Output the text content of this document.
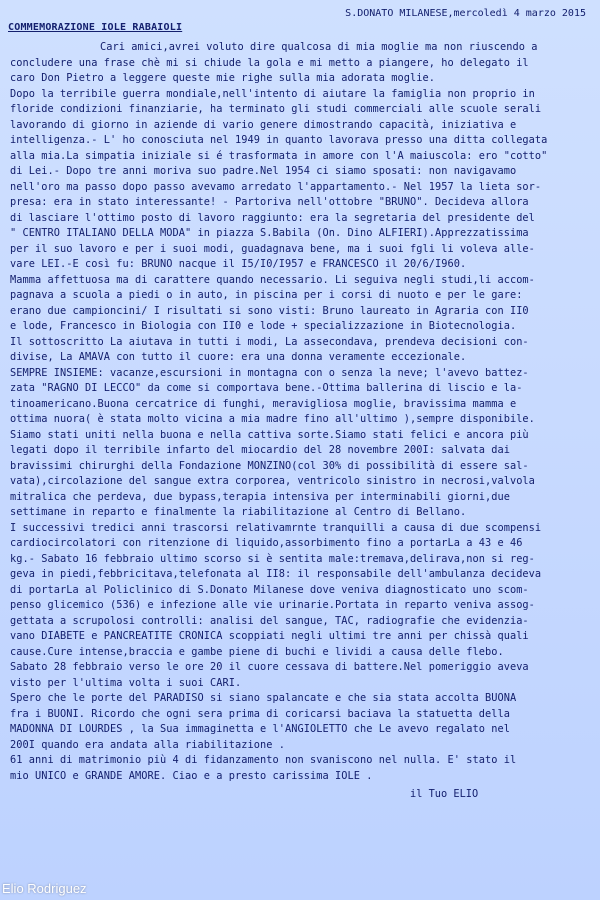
S.DONATO MILANESE,mercoledì 4 marzo 2015
COMMEMORAZIONE IOLE RABAIOLI
Cari amici,avrei voluto dire qualcosa di mia moglie ma non riuscendo a
concludere una frase chè mi si chiude la gola e mi metto a piangere, ho delegato il
caro Don Pietro a leggere queste mie righe sulla mia adorata moglie.
Dopo la terribile guerra mondiale,nell'intento di aiutare la famiglia non proprio in
floride condizioni finanziarie, ha terminato gli studi commerciali alle scuole serali
lavorando di giorno in aziende di vario genere dimostrando capacità, iniziativa e
intelligenza.- L' ho conosciuta nel 1949 in quanto lavorava presso una ditta collegata
alla mia.La simpatia iniziale si é trasformata in amore con l'A maiuscola: ero "cotto"
di Lei.- Dopo tre anni moriva suo padre.Nel 1954 ci siamo sposati: non navigavamo
nell'oro ma passo dopo passo avevamo arredato l'appartamento.- Nel 1957 la lieta sor-
presa: era in stato interessante! - Partoriva nell'ottobre "BRUNO". Decideva allora
di lasciare l'ottimo posto di lavoro raggiunto: era la segretaria del presidente del
" CENTRO ITALIANO DELLA MODA" in piazza S.Babila (On. Dino ALFIERI).Apprezzatissima
per il suo lavoro e per i suoi modi, guadagnava bene, ma i suoi fgli li voleva alle-
vare LEI.-E così fu: BRUNO nacque il I5/I0/I957 e FRANCESCO il 20/6/I960.
Mamma affettuosa ma di carattere quando necessario. Li seguiva negli studi,li accom-
pagnava a scuola a piedi o in auto, in piscina per i corsi di nuoto e per le gare:
erano due campioncini/ I risultati si sono visti: Bruno laureato in Agraria con II0
e lode, Francesco in Biologia con II0 e lode + specializzazione in Biotecnologia.
Il sottoscritto La aiutava in tutti i modi, La assecondava, prendeva decisioni con-
divise, La AMAVA con tutto il cuore: era una donna veramente eccezionale.
SEMPRE INSIEME: vacanze,escursioni in montagna con o senza la neve; l'avevo battez-
zata "RAGNO DI LECCO" da come si comportava bene.-Ottima ballerina di liscio e la-
tinoamericano.Buona cercatrice di funghi, meravigliosa moglie, bravissima mamma e
ottima nuora( è stata molto vicina a mia madre fino all'ultimo ),sempre disponibile.
Siamo stati uniti nella buona e nella cattiva sorte.Siamo stati felici e ancora più
legati dopo il terribile infarto del miocardio del 28 novembre 200I: salvata dai
bravissimi chirurghi della Fondazione MONZINO(col 30% di possibilità di essere sal-
vata),circolazione del sangue extra corporea, ventricolo sinistro in necrosi,valvola
mitralica che perdeva, due bypass,terapia intensiva per interminabili giorni,due
settimane in reparto e finalmente la riabilitazione al Centro di Bellano.
I successivi tredici anni trascorsi relativamrnte tranquilli a causa di due scompensi
cardiocircolatori con ritenzione di liquido,assorbimento fino a portarLa a 43 e 46
kg.- Sabato 16 febbraio ultimo scorso si è sentita male:tremava,delirava,non si reg-
geva in piedi,febbricitava,telefonata al II8: il responsabile dell'ambulanza decideva
di portarLa al Policlinico di S.Donato Milanese dove veniva diagnosticato uno scom-
penso glicemico (536) e infezione alle vie urinarie.Portata in reparto veniva assog-
gettata a scrupolosi controlli: analisi del sangue, TAC, radiografie che evidenzia-
vano DIABETE e PANCREATITE CRONICA scoppiati negli ultimi tre anni per chissà quali
cause.Cure intense,braccia e gambe piene di buchi e lividi a causa delle flebo.
Sabato 28 febbraio verso le ore 20 il cuore cessava di battere.Nel pomeriggio aveva
visto per l'ultima volta i suoi CARI.
Spero che le porte del PARADISO si siano spalancate e che sia stata accolta BUONA
fra i BUONI. Ricordo che ogni sera prima di coricarsi baciava la statuetta della
MADONNA DI LOURDES , la Sua immaginetta e l'ANGIOLETTO che Le avevo regalato nel
200I quando era andata alla riabilitazione .
61 anni di matrimonio più 4 di fidanzamento non svaniscono nel nulla. E' stato il
mio UNICO e GRANDE AMORE. Ciao e a presto carissima IOLE .
il Tuo ELIO
Elio Rodriguez
